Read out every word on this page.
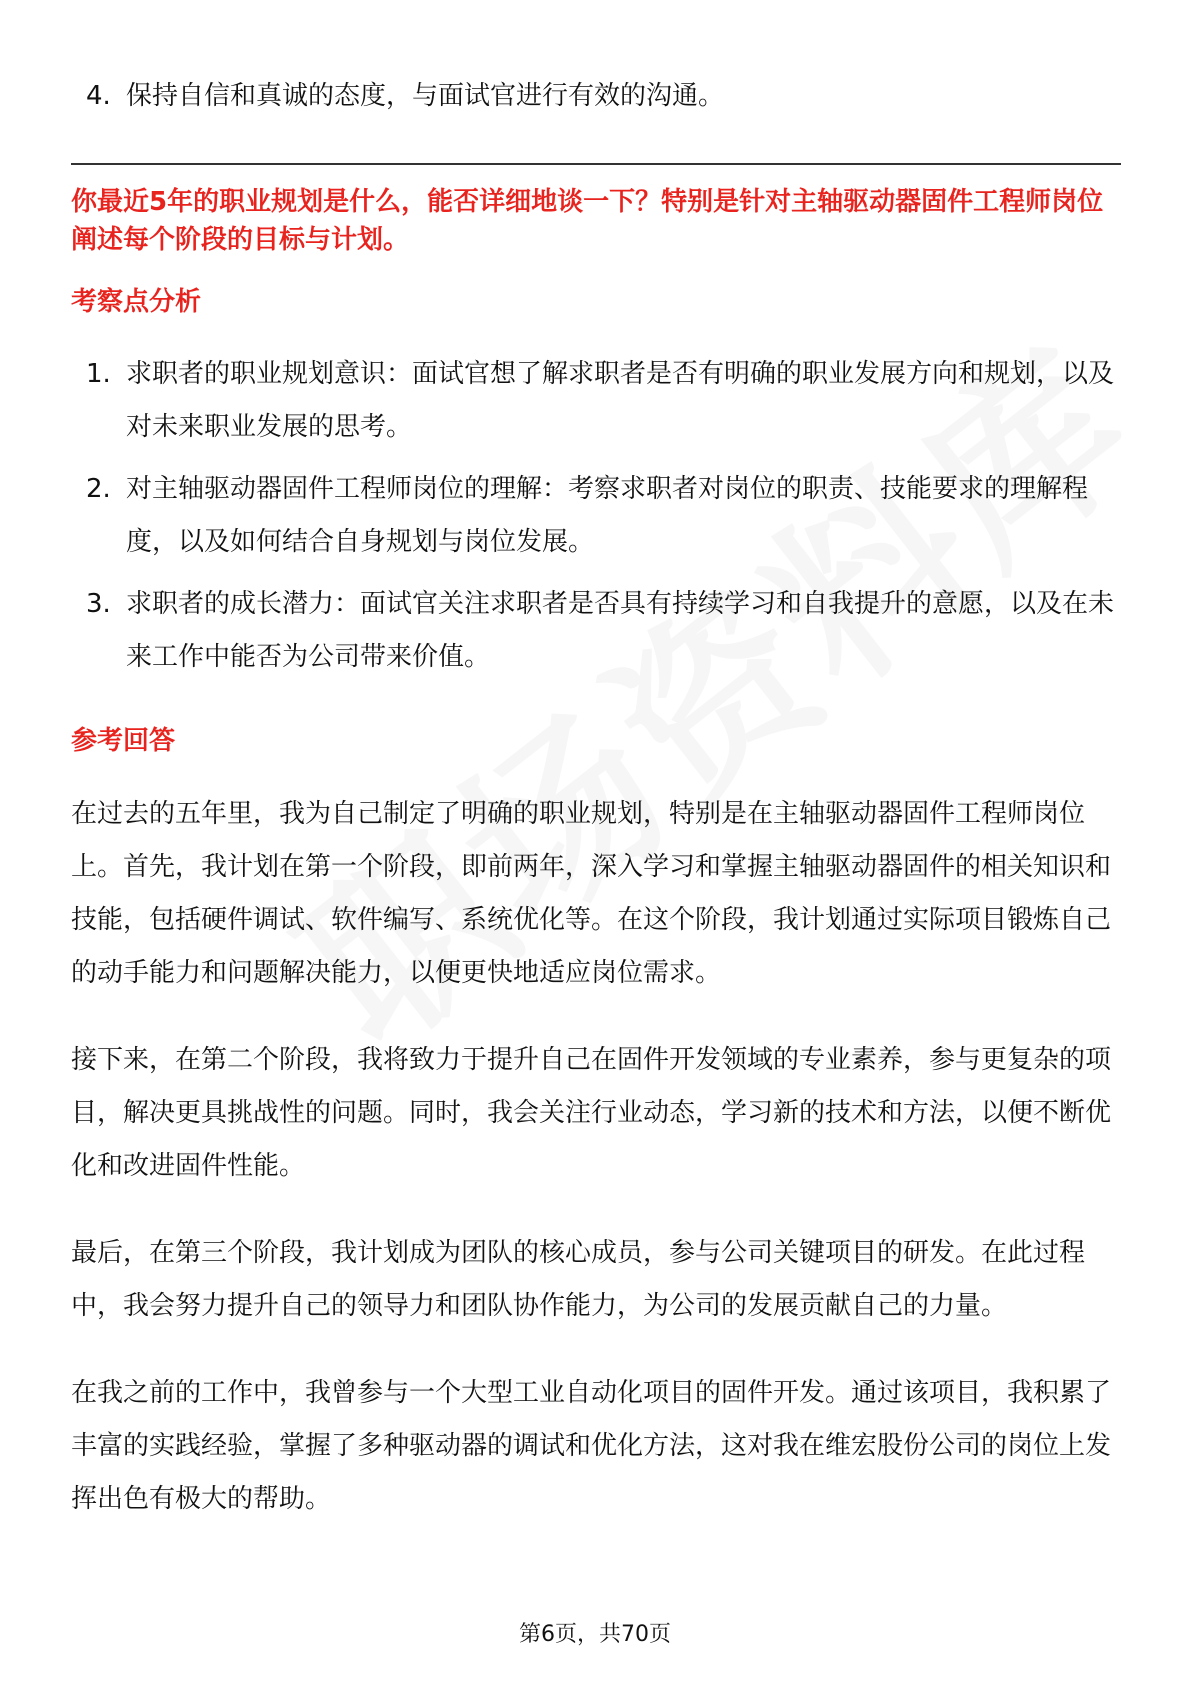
4. 保持自信和真诚的态度，与面试官进行有效的沟通。

你最近5年的职业规划是什么，能否详细地谈一下？特别是针对主轴驱动器固件工程师岗位阐述每个阶段的目标与计划。

考察点分析
1. 求职者的职业规划意识：面试官想了解求职者是否有明确的职业发展方向和规划，以及对未来职业发展的思考。
2. 对主轴驱动器固件工程师岗位的理解：考察求职者对岗位的职责、技能要求的理解程度，以及如何结合自身规划与岗位发展。
3. 求职者的成长潜力：面试官关注求职者是否具有持续学习和自我提升的意愿，以及在未来工作中能否为公司带来价值。
参考回答

在过去的五年里，我为自己制定了明确的职业规划，特别是在主轴驱动器固件工程师岗位上。首先，我计划在第一个阶段，即前两年，深入学习和掌握主轴驱动器固件的相关知识和技能，包括硬件调试、软件编写、系统优化等。在这个阶段，我计划通过实际项目锻炼自己的动手能力和问题解决能力，以便更快地适应岗位需求。

接下来，在第二个阶段，我将致力于提升自己在固件开发领域的专业素养，参与更复杂的项目，解决更具挑战性的问题。同时，我会关注行业动态，学习新的技术和方法，以便不断优化和改进固件性能。

最后，在第三个阶段，我计划成为团队的核心成员，参与公司关键项目的研发。在此过程中，我会努力提升自己的领导力和团队协作能力，为公司的发展贡献自己的力量。

在我之前的工作中，我曾参与一个大型工业自动化项目的固件开发。通过该项目，我积累了丰富的实践经验，掌握了多种驱动器的调试和优化方法，这对我在维宏股份公司的岗位上发挥出色有极大的帮助。

第6页，共70页
